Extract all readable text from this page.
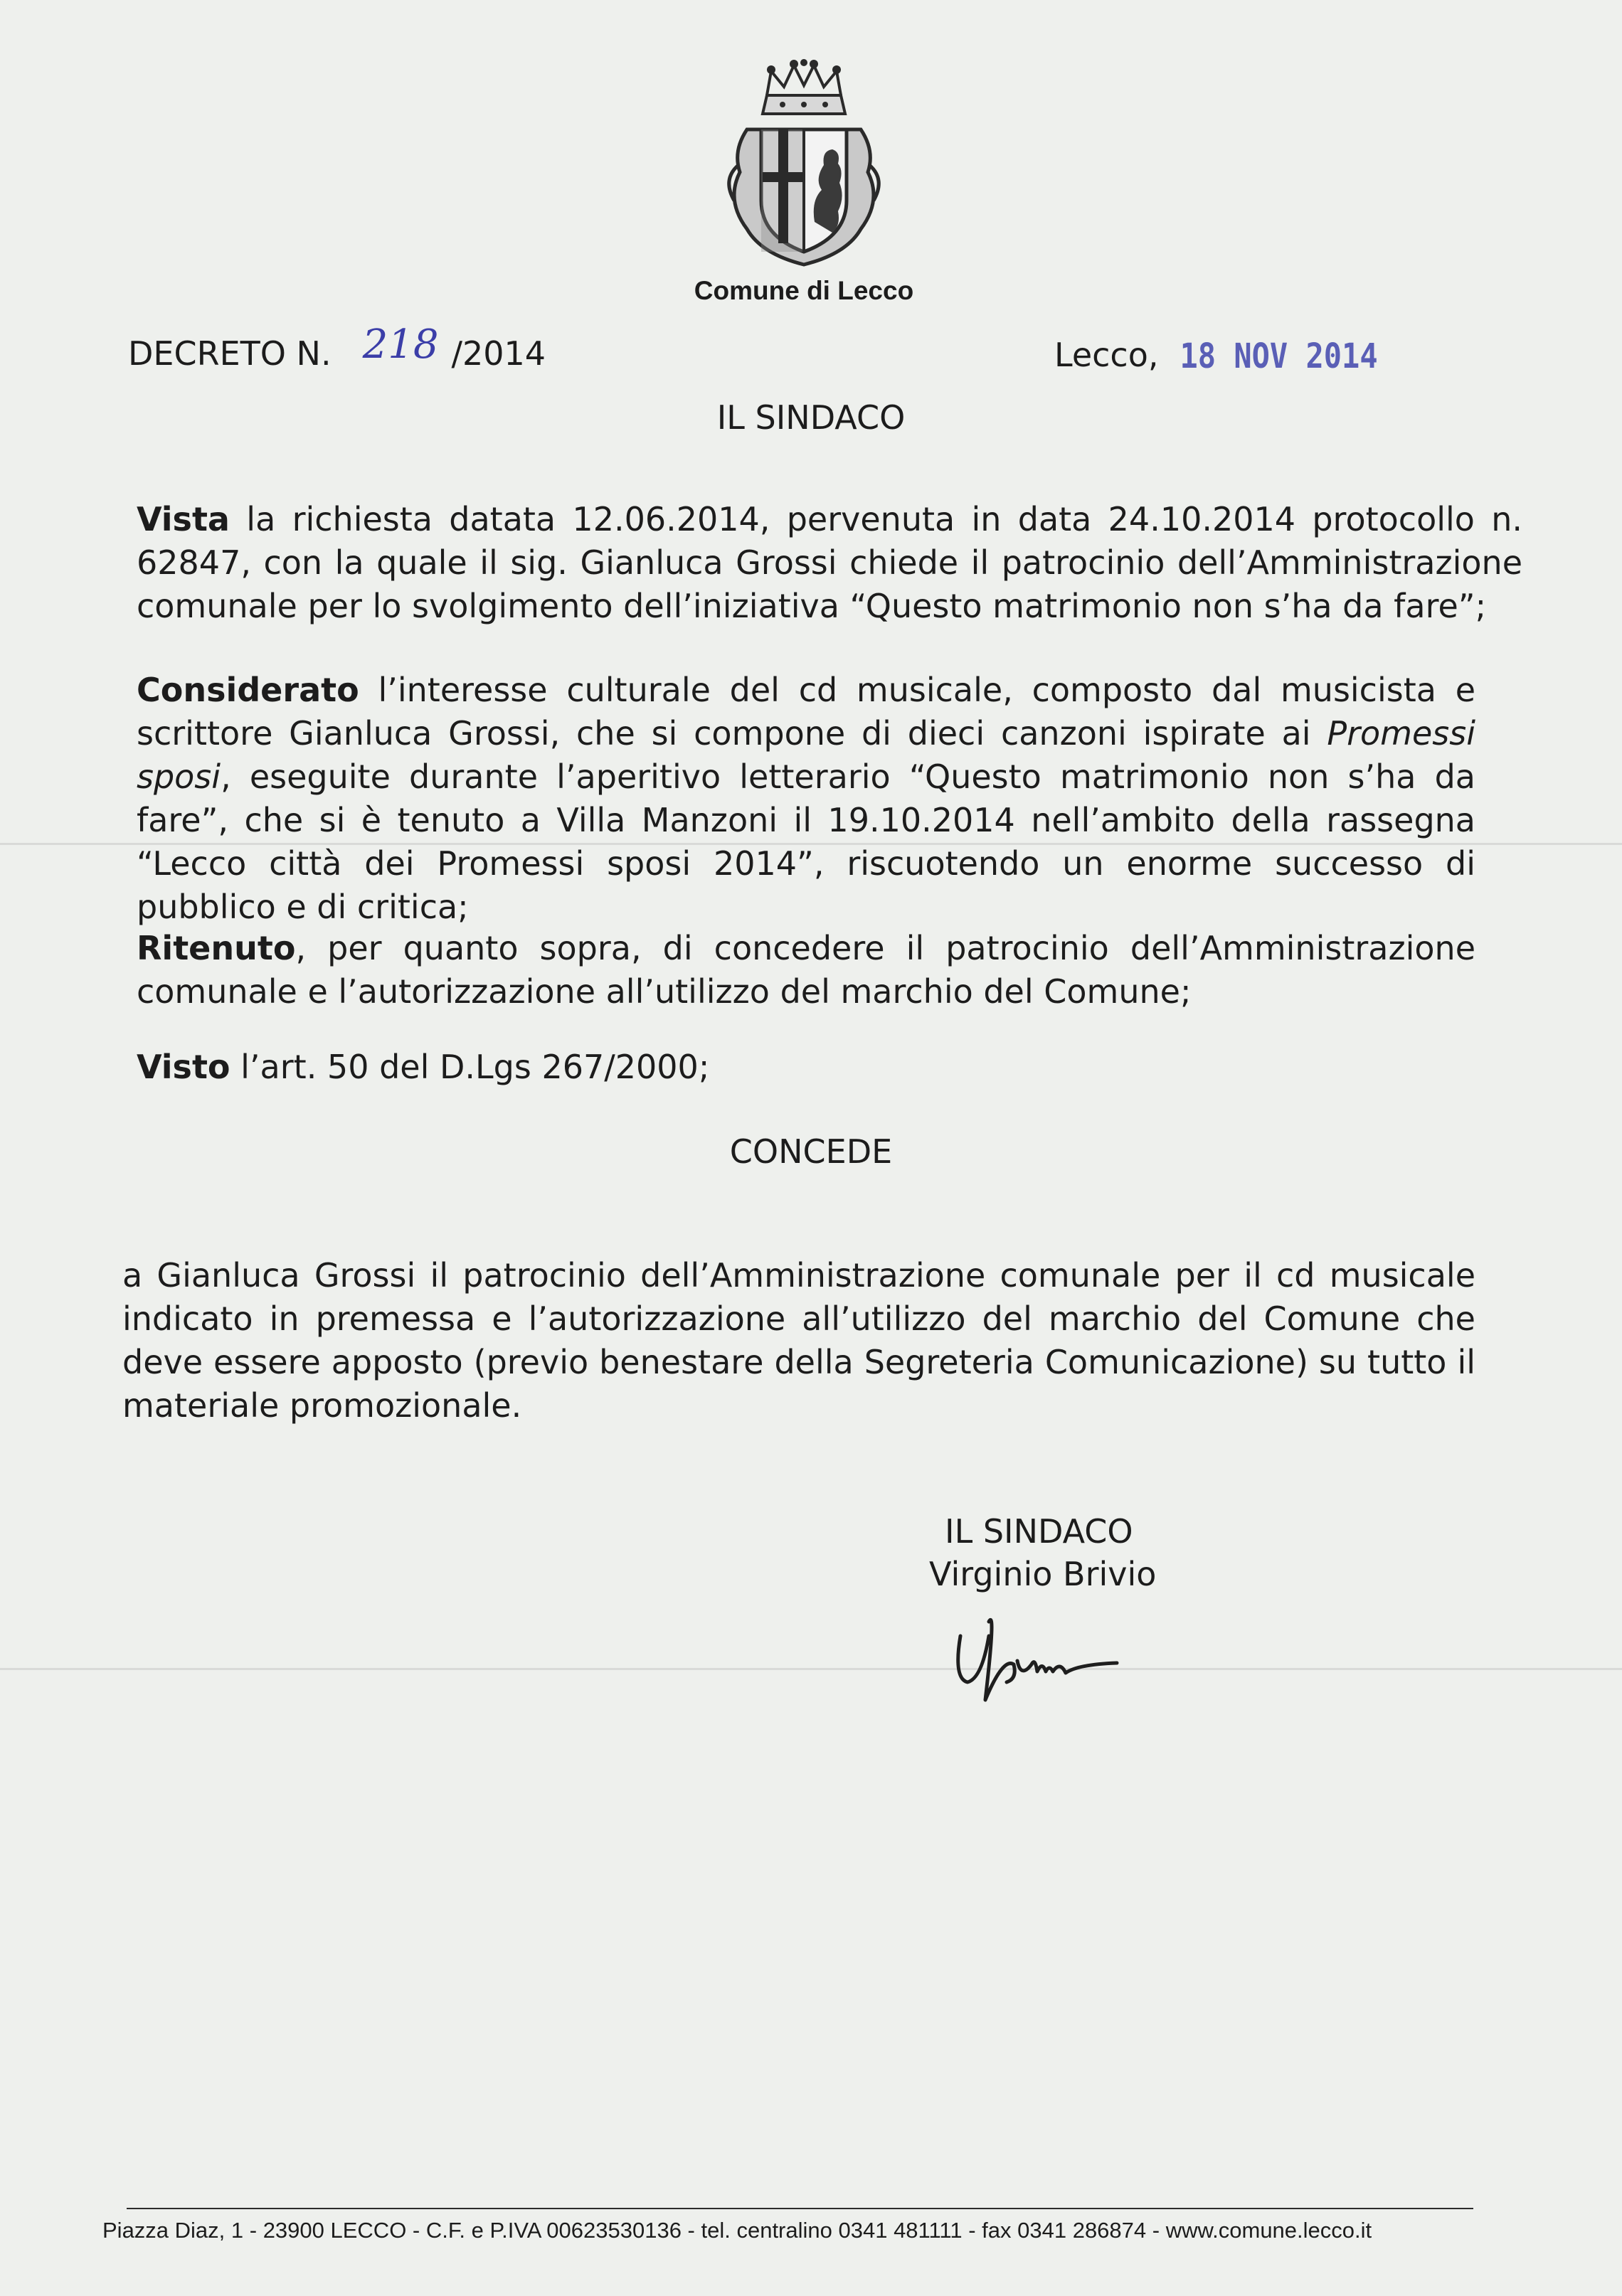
Comune di Lecco
DECRETO N. 218 /2014	Lecco, 18 NOV 2014
IL SINDACO
Vista la richiesta datata 12.06.2014, pervenuta in data 24.10.2014 protocollo n. 62847, con la quale il sig. Gianluca Grossi chiede il patrocinio dell’Amministrazione comunale per lo svolgimento dell’iniziativa “Questo matrimonio non s’ha da fare”;
Considerato l’interesse culturale del cd musicale, composto dal musicista e scrittore Gianluca Grossi, che si compone di dieci canzoni ispirate ai Promessi sposi, eseguite durante l’aperitivo letterario “Questo matrimonio non s’ha da fare”, che si è tenuto a Villa Manzoni il 19.10.2014 nell’ambito della rassegna “Lecco città dei Promessi sposi 2014”, riscuotendo un enorme successo di pubblico e di critica;
Ritenuto, per quanto sopra, di concedere il patrocinio dell’Amministrazione comunale e l’autorizzazione all’utilizzo del marchio del Comune;
Visto l’art. 50 del D.Lgs 267/2000;
CONCEDE
a Gianluca Grossi il patrocinio dell’Amministrazione comunale per il cd musicale indicato in premessa e l’autorizzazione all’utilizzo del marchio del Comune che deve essere apposto (previo benestare della Segreteria Comunicazione) su tutto il materiale promozionale.
IL SINDACO
Virginio Brivio
Piazza Diaz, 1 - 23900 LECCO - C.F. e P.IVA 00623530136 - tel. centralino 0341 481111 - fax 0341 286874 - www.comune.lecco.it
